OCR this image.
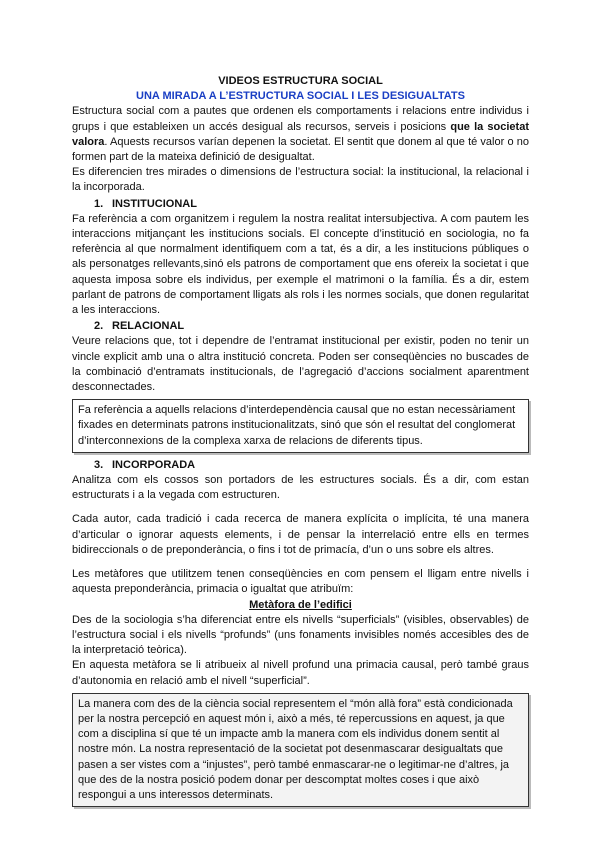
VIDEOS ESTRUCTURA SOCIAL

UNA MIRADA A L’ESTRUCTURA SOCIAL I LES DESIGUALTATS

Estructura social com a pautes que ordenen els comportaments i relacions entre individus i grups i que estableixen un accés desigual als recursos, serveis i posicions que la societat valora. Aquests recursos varían depenen la societat. El sentit que donem al que té valor o no formen part de la mateixa definició de desigualtat.

Es diferencien tres mirades o dimensions de l’estructura social: la institucional, la relacional i la incorporada.

1. INSTITUCIONAL

Fa referència a com organitzem i regulem la nostra realitat intersubjectiva. A com pautem les interaccions mitjançant les institucions socials. El concepte d’institució en sociologia, no fa referència al que normalment identifiquem com a tat, és a dir, a les institucions públiques o als personatges rellevants,sinó els patrons de comportament que ens ofereix la societat i que aquesta imposa sobre els individus, per exemple el matrimoni o la família. És a dir, estem parlant de patrons de comportament lligats als rols i les normes socials, que donen regularitat a les interaccions.

2. RELACIONAL

Veure relacions que, tot i dependre de l’entramat institucional per existir, poden no tenir un vincle explicit amb una o altra institució concreta. Poden ser conseqüències no buscades de la combinació d’entramats institucionals, de l’agregació d’accions socialment aparentment desconnectades.

Fa referència a aquells relacions d’interdependència causal que no estan necessàriament fixades en determinats patrons institucionalitzats, sinó que són el resultat del conglomerat d’interconnexions de la complexa xarxa de relacions de diferents tipus.

3. INCORPORADA

Analitza com els cossos son portadors de les estructures socials. És a dir, com estan estructurats i a la vegada com estructuren.

Cada autor, cada tradició i cada recerca de manera explícita o implícita, té una manera d’articular o ignorar aquests elements, i de pensar la interrelació entre ells en termes bidireccionals o de preponderància, o fins i tot de primacía, d’un o uns sobre els altres.

Les metàfores que utilitzem tenen conseqüències en com pensem el lligam entre nivells i aquesta preponderància, primacia o igualtat que atribuïm:

Metàfora de l’edifici

Des de la sociologia s’ha diferenciat entre els nivells “superficials” (visibles, observables) de l’estructura social i els nivells “profunds” (uns fonaments invisibles només accesibles des de la interpretació teòrica).

En aquesta metàfora se li atribueix al nivell profund una primacia causal, però també graus d’autonomia en relació amb el nivell “superficial”.

La manera com des de la ciència social representem el “món allà fora” està condicionada per la nostra percepció en aquest món i, això a més, té repercussions en aquest, ja que com a disciplina sí que té un impacte amb la manera com els individus donem sentit al nostre món. La nostra representació de la societat pot desenmascarar desigualtats que pasen a ser vistes com a “injustes”, però també enmascarar-ne o legitimar-ne d’altres, ja que des de la nostra posició podem donar per descomptat moltes coses i que això respongui a uns interessos determinats.
